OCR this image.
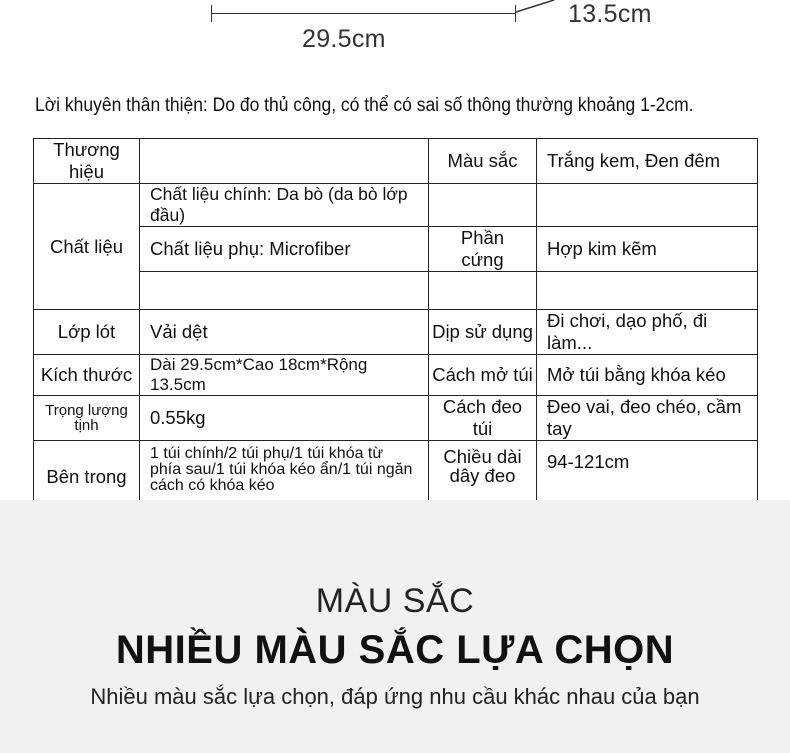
29.5cm
13.5cm
Lời khuyên thân thiện: Do đo thủ công, có thể có sai số thông thường khoảng 1-2cm.
Thương hiệu		Màu sắc	Trắng kem, Đen đêm
Chất liệu	Chất liệu chính: Da bò (da bò lớp đầu)		
	Chất liệu phụ: Microfiber	Phần cứng	Hợp kim kẽm

Lớp lót	Vải dệt	Dịp sử dụng	Đi chơi, dạo phố, đi làm...
Kích thước	Dài 29.5cm*Cao 18cm*Rộng 13.5cm	Cách mở túi	Mở túi bằng khóa kéo
Trọng lượng tịnh	0.55kg	Cách đeo túi	Đeo vai, đeo chéo, cầm tay
Bên trong	1 túi chính/2 túi phụ/1 túi khóa từ phía sau/1 túi khóa kéo ẩn/1 túi ngăn cách có khóa kéo	Chiều dài dây đeo	94-121cm
MÀU SẮC
NHIỀU MÀU SẮC LỰA CHỌN
Nhiều màu sắc lựa chọn, đáp ứng nhu cầu khác nhau của bạn
